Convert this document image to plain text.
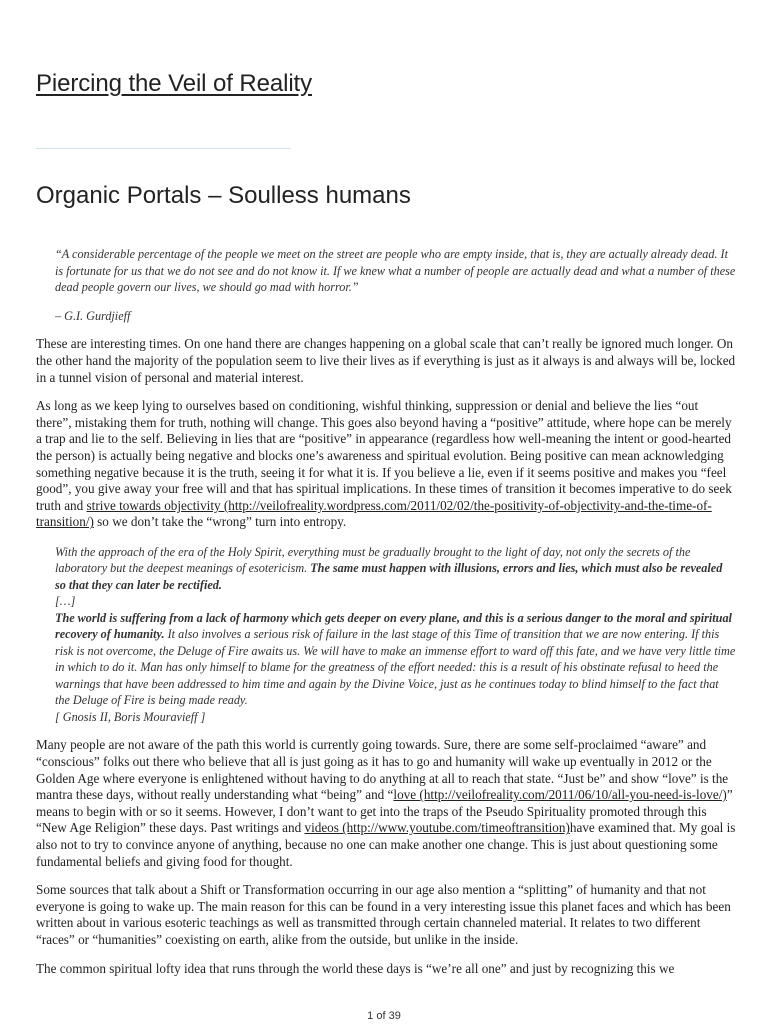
Piercing the Veil of Reality
Organic Portals – Soulless humans

“A considerable percentage of the people we meet on the street are people who are empty inside, that is, they are actually already dead. It is fortunate for us that we do not see and do not know it. If we knew what a number of people are actually dead and what a number of these dead people govern our lives, we should go mad with horror.”

– G.I. Gurdjieff

These are interesting times. On one hand there are changes happening on a global scale that can’t really be ignored much longer. On the other hand the majority of the population seem to live their lives as if everything is just as it always is and always will be, locked in a tunnel vision of personal and material interest.

As long as we keep lying to ourselves based on conditioning, wishful thinking, suppression or denial and believe the lies “out there”, mistaking them for truth, nothing will change. This goes also beyond having a “positive” attitude, where hope can be merely a trap and lie to the self. Believing in lies that are “positive” in appearance (regardless how well-meaning the intent or good-hearted the person) is actually being negative and blocks one’s awareness and spiritual evolution. Being positive can mean acknowledging something negative because it is the truth, seeing it for what it is. If you believe a lie, even if it seems positive and makes you “feel good”, you give away your free will and that has spiritual implications. In these times of transition it becomes imperative to do seek truth and strive towards objectivity (http://veilofreality.wordpress.com/2011/02/02/the-positivity-of-objectivity-and-the-time-of-transition/) so we don’t take the “wrong” turn into entropy.

With the approach of the era of the Holy Spirit, everything must be gradually brought to the light of day, not only the secrets of the laboratory but the deepest meanings of esotericism. The same must happen with illusions, errors and lies, which must also be revealed so that they can later be rectified.
[…]
The world is suffering from a lack of harmony which gets deeper on every plane, and this is a serious danger to the moral and spiritual recovery of humanity. It also involves a serious risk of failure in the last stage of this Time of transition that we are now entering. If this risk is not overcome, the Deluge of Fire awaits us. We will have to make an immense effort to ward off this fate, and we have very little time in which to do it. Man has only himself to blame for the greatness of the effort needed: this is a result of his obstinate refusal to heed the warnings that have been addressed to him time and again by the Divine Voice, just as he continues today to blind himself to the fact that the Deluge of Fire is being made ready.
[ Gnosis II, Boris Mouravieff ]

Many people are not aware of the path this world is currently going towards. Sure, there are some self-proclaimed “aware” and “conscious” folks out there who believe that all is just going as it has to go and humanity will wake up eventually in 2012 or the Golden Age where everyone is enlightened without having to do anything at all to reach that state. “Just be” and show “love” is the mantra these days, without really understanding what “being” and “love (http://veilofreality.com/2011/06/10/all-you-need-is-love/)” means to begin with or so it seems. However, I don’t want to get into the traps of the Pseudo Spirituality promoted through this “New Age Religion” these days. Past writings and videos (http://www.youtube.com/timeoftransition)have examined that. My goal is also not to try to convince anyone of anything, because no one can make another one change. This is just about questioning some fundamental beliefs and giving food for thought.

Some sources that talk about a Shift or Transformation occurring in our age also mention a “splitting” of humanity and that not everyone is going to wake up. The main reason for this can be found in a very interesting issue this planet faces and which has been written about in various esoteric teachings as well as transmitted through certain channeled material. It relates to two different “races” or “humanities” coexisting on earth, alike from the outside, but unlike in the inside.

The common spiritual lofty idea that runs through the world these days is “we’re all one” and just by recognizing this we

1 of 39
